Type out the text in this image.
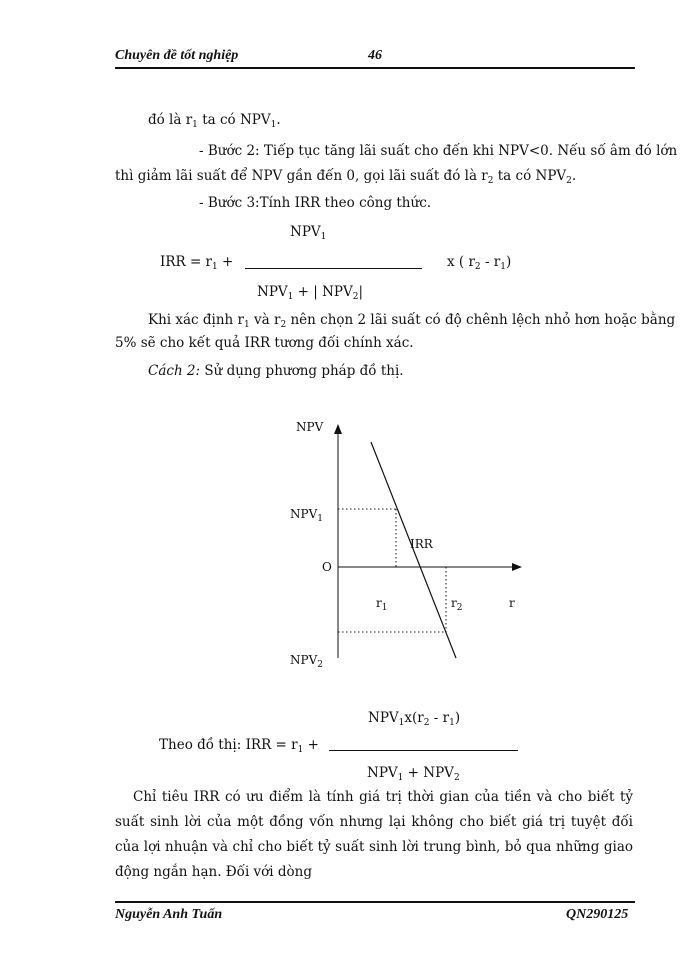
Chuyên đề tốt nghiệp	46
đó là $r_1$ ta có $NPV_1$.
- Bước 2: Tiếp tục tăng lãi suất cho đến khi NPV<0. Nếu số âm đó lớn
thì giảm lãi suất để NPV gần đến 0, gọi lãi suất đó là $r_2$ ta có $NPV_2$.
- Bước 3:Tính IRR theo công thức.
$NPV_1$
IRR = $r_1$ +	x ( $r_2 - r_1$)
$NPV_1$ + | $NPV_2|$
Khi xác định $r_1$ và $r_2$ nên chọn 2 lãi suất có độ chênh lệch nhỏ hơn hoặc bằng
5% sẽ cho kết quả IRR tương đối chính xác.
Cách 2: Sử dụng phương pháp đồ thị.
NPV
$NPV_1$
O
IRR
$r_1$	$r_2$	r
$NPV_2$
$NPV_1x(r_2 - r_1)$
Theo đồ thị: IRR = $r_1$ +
$NPV_1 + NPV_2$
Chỉ tiêu IRR có ưu điểm là tính giá trị thời gian của tiền và cho biết tỷ suất sinh lời của một đồng vốn nhưng lại không cho biết giá trị tuyệt đối của lợi nhuận và chỉ cho biết tỷ suất sinh lời trung bình, bỏ qua những giao động ngắn hạn. Đối với dòng
Nguyễn Anh Tuấn	QN290125
